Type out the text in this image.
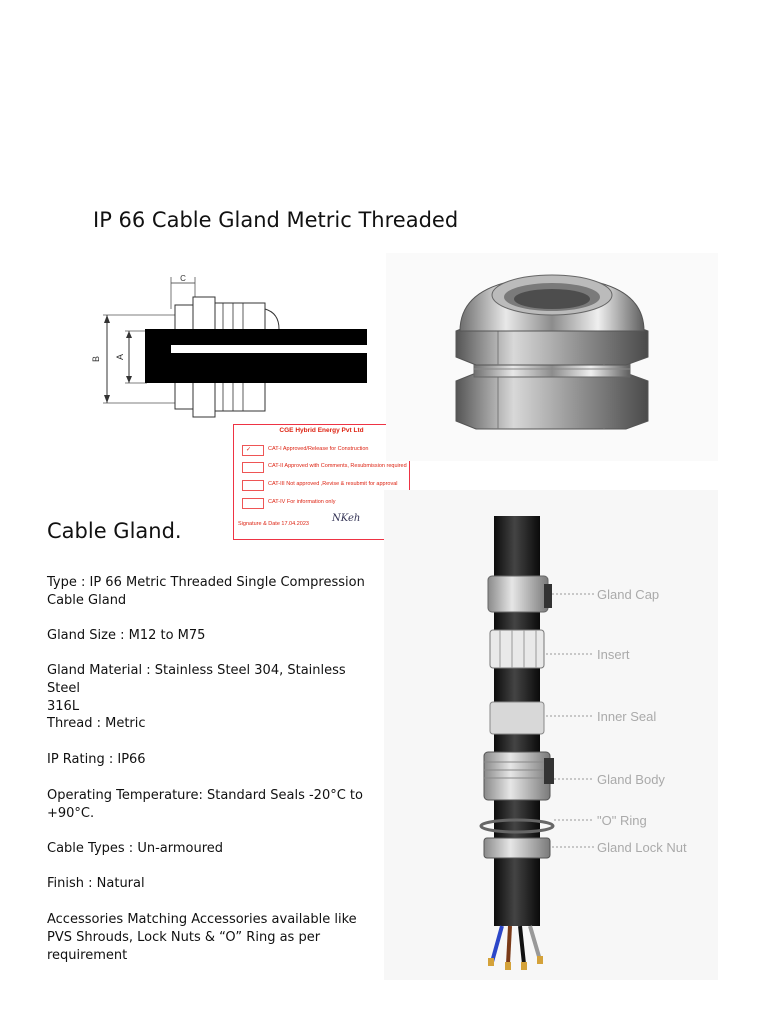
IP 66 Cable Gland Metric Threaded
B A
C
CGE Hybrid Energy Pvt Ltd
✓	CAT-I Approved/Release for Construction
CAT-II Approved with Comments, Resubmission required
CAT-III Not approved ,Revise & resubmit for approval
CAT-IV For information only
Signature & Date 17.04.2023 NKeh
Cable Gland.
Type : IP 66 Metric Threaded Single Compression
Cable Gland
Gland Size : M12 to M75
Gland Material : Stainless Steel 304, Stainless Steel
316L
Thread : Metric
IP Rating : IP66
Operating Temperature: Standard Seals -20°C to
+90°C.
Cable Types : Un-armoured
Finish : Natural
Accessories Matching Accessories available like
PVS Shrouds, Lock Nuts & “O” Ring as per
requirement
Gland Cap
Insert
Inner Seal
Gland Body
"O" Ring
Gland Lock Nut
